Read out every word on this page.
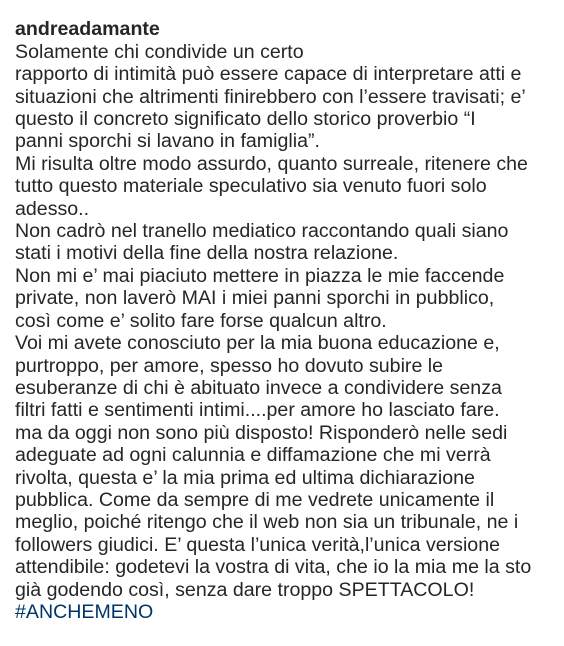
andreadamante
Solamente chi condivide un certo
rapporto di intimità può essere capace di interpretare atti e
situazioni che altrimenti finirebbero con l’essere travisati; e’
questo il concreto significato dello storico proverbio “I
panni sporchi si lavano in famiglia”.
Mi risulta oltre modo assurdo, quanto surreale, ritenere che
tutto questo materiale speculativo sia venuto fuori solo
adesso..
Non cadrò nel tranello mediatico raccontando quali siano
stati i motivi della fine della nostra relazione.
Non mi e’ mai piaciuto mettere in piazza le mie faccende
private, non laverò MAI i miei panni sporchi in pubblico,
così come e’ solito fare forse qualcun altro.
Voi mi avete conosciuto per la mia buona educazione e,
purtroppo, per amore, spesso ho dovuto subire le
esuberanze di chi è abituato invece a condividere senza
filtri fatti e sentimenti intimi....per amore ho lasciato fare.
ma da oggi non sono più disposto! Risponderò nelle sedi
adeguate ad ogni calunnia e diffamazione che mi verrà
rivolta, questa e’ la mia prima ed ultima dichiarazione
pubblica. Come da sempre di me vedrete unicamente il
meglio, poiché ritengo che il web non sia un tribunale, ne i
followers giudici. E’ questa l’unica verità,l’unica versione
attendibile: godetevi la vostra di vita, che io la mia me la sto
già godendo così, senza dare troppo SPETTACOLO!

#ANCHEMENO
